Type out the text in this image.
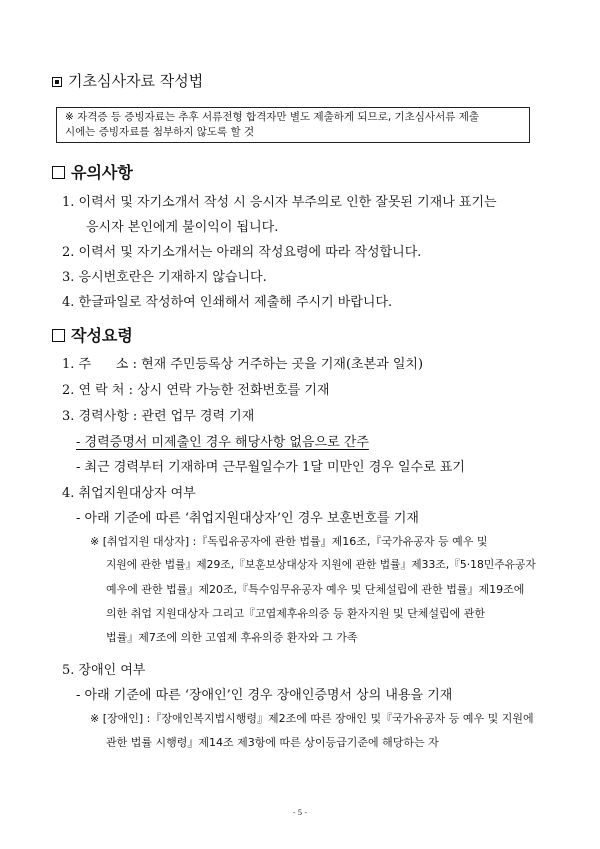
기초심사자료 작성법
※ 자격증 등 증빙자료는 추후 서류전형 합격자만 별도 제출하게 되므로, 기초심사서류 제출
시에는 증빙자료를 첨부하지 않도록 할 것
유의사항
1. 이력서 및 자기소개서 작성 시 응시자 부주의로 인한 잘못된 기재나 표기는
응시자 본인에게 불이익이 됩니다.
2. 이력서 및 자기소개서는 아래의 작성요령에 따라 작성합니다.
3. 응시번호란은 기재하지 않습니다.
4. 한글파일로 작성하여 인쇄해서 제출해 주시기 바랍니다.
작성요령
1. 주      소 : 현재 주민등록상 거주하는 곳을 기재(초본과 일치)
2. 연 락 처 : 상시 연락 가능한 전화번호를 기재
3. 경력사항 : 관련 업무 경력 기재
- 경력증명서 미제출인 경우 해당사항 없음으로 간주
- 최근 경력부터 기재하며 근무월일수가 1달 미만인 경우 일수로 표기
4. 취업지원대상자 여부
- 아래 기준에 따른 ‘취업지원대상자’인 경우 보훈번호를 기재
※ [취업지원 대상자] :『독립유공자에 관한 법률』제16조,『국가유공자 등 예우 및
지원에 관한 법률』제29조,『보훈보상대상자 지원에 관한 법률』제33조,『5·18민주유공자
예우에 관한 법률』제20조,『특수임무유공자 예우 및 단체설립에 관한 법률』제19조에
의한 취업 지원대상자 그리고『고엽제후유의증 등 환자지원 및 단체설립에 관한
법률』제7조에 의한 고엽제 후유의증 환자와 그 가족
5. 장애인 여부
- 아래 기준에 따른 ‘장애인’인 경우 장애인증명서 상의 내용을 기재
※ [장애인] :『장애인복지법시행령』제2조에 따른 장애인 및『국가유공자 등 예우 및 지원에
관한 법률 시행령』제14조 제3항에 따른 상이등급기준에 해당하는 자
- 5 -
